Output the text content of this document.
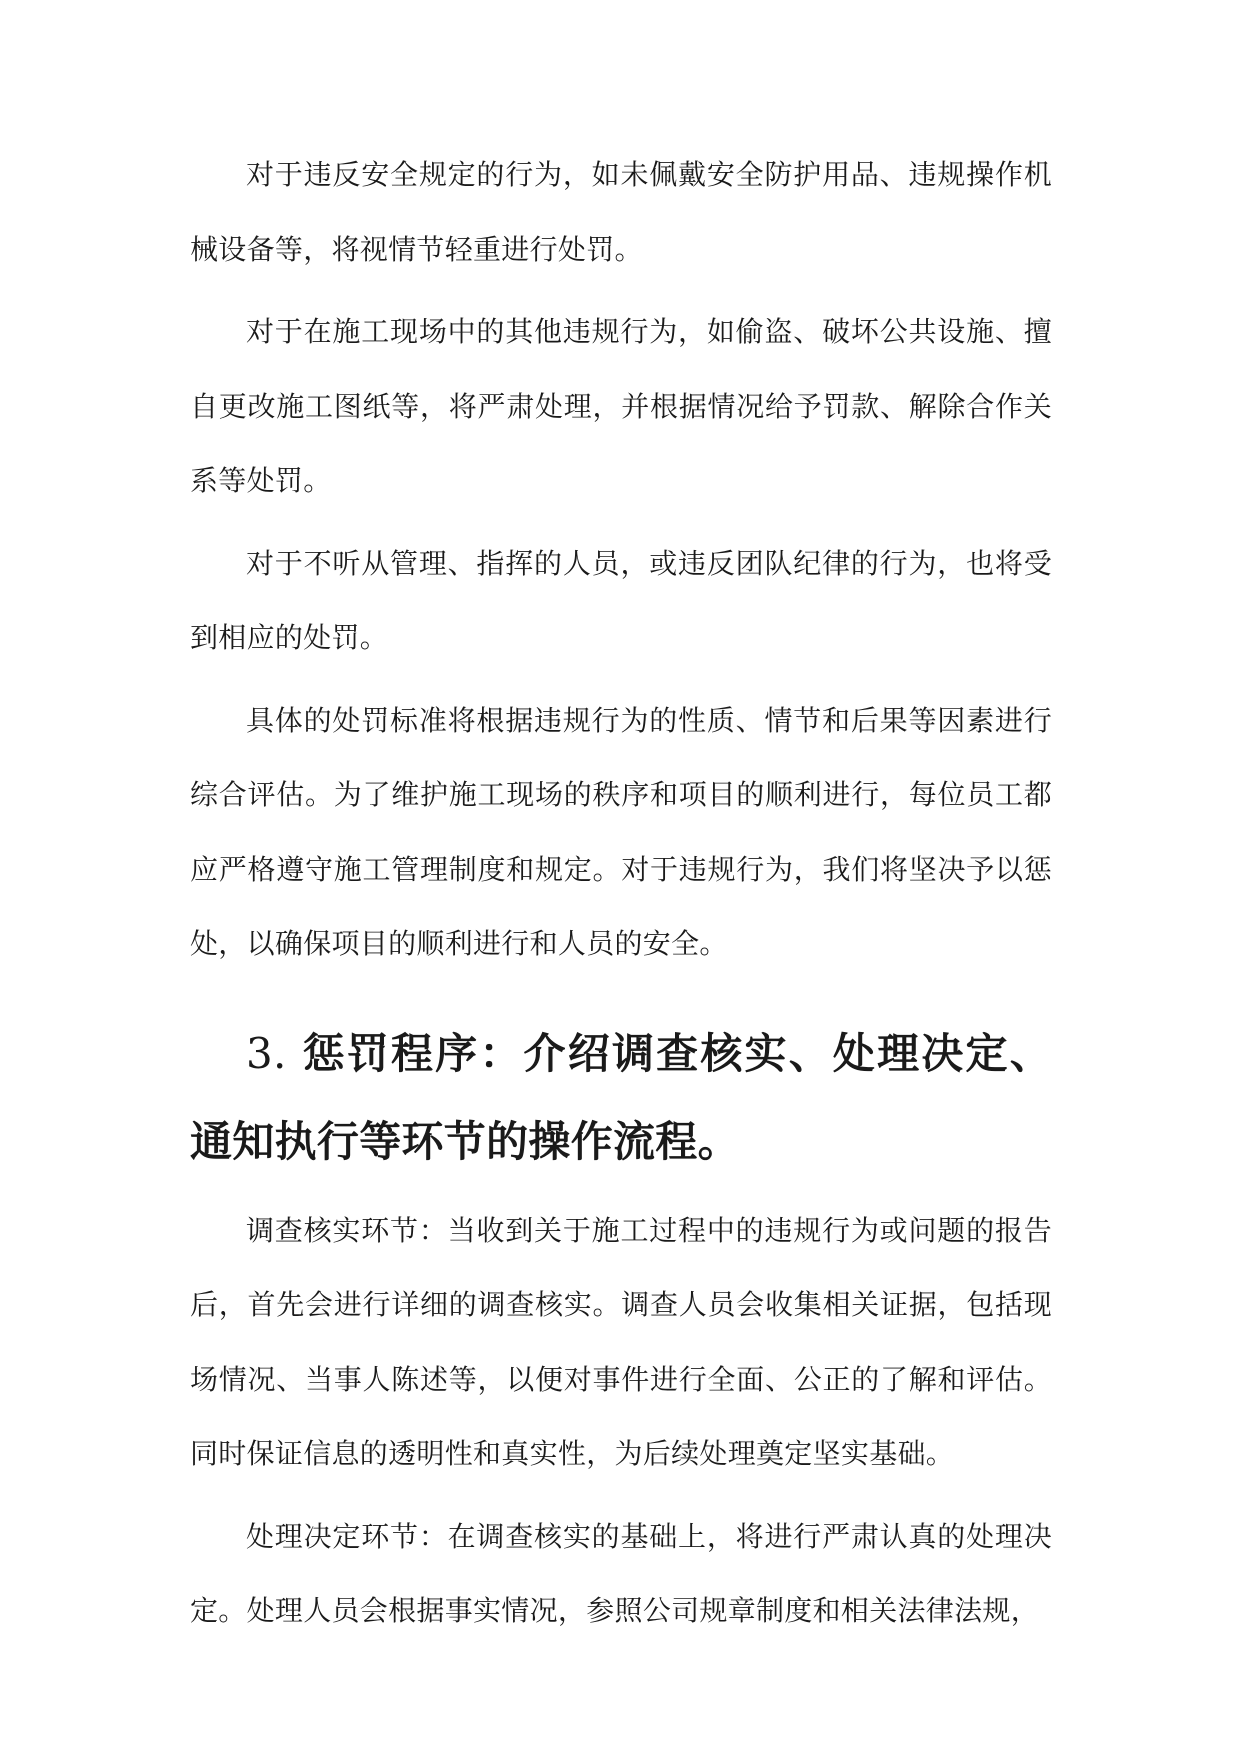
对于违反安全规定的行为，如未佩戴安全防护用品、违规操作机械设备等，将视情节轻重进行处罚。

对于在施工现场中的其他违规行为，如偷盗、破坏公共设施、擅自更改施工图纸等，将严肃处理，并根据情况给予罚款、解除合作关系等处罚。

对于不听从管理、指挥的人员，或违反团队纪律的行为，也将受到相应的处罚。

具体的处罚标准将根据违规行为的性质、情节和后果等因素进行综合评估。为了维护施工现场的秩序和项目的顺利进行，每位员工都应严格遵守施工管理制度和规定。对于违规行为，我们将坚决予以惩处，以确保项目的顺利进行和人员的安全。

3. 惩罚程序：介绍调查核实、处理决定、通知执行等环节的操作流程。

调查核实环节：当收到关于施工过程中的违规行为或问题的报告后，首先会进行详细的调查核实。调查人员会收集相关证据，包括现场情况、当事人陈述等，以便对事件进行全面、公正的了解和评估。同时保证信息的透明性和真实性，为后续处理奠定坚实基础。

处理决定环节：在调查核实的基础上，将进行严肃认真的处理决定。处理人员会根据事实情况，参照公司规章制度和相关法律法规，
